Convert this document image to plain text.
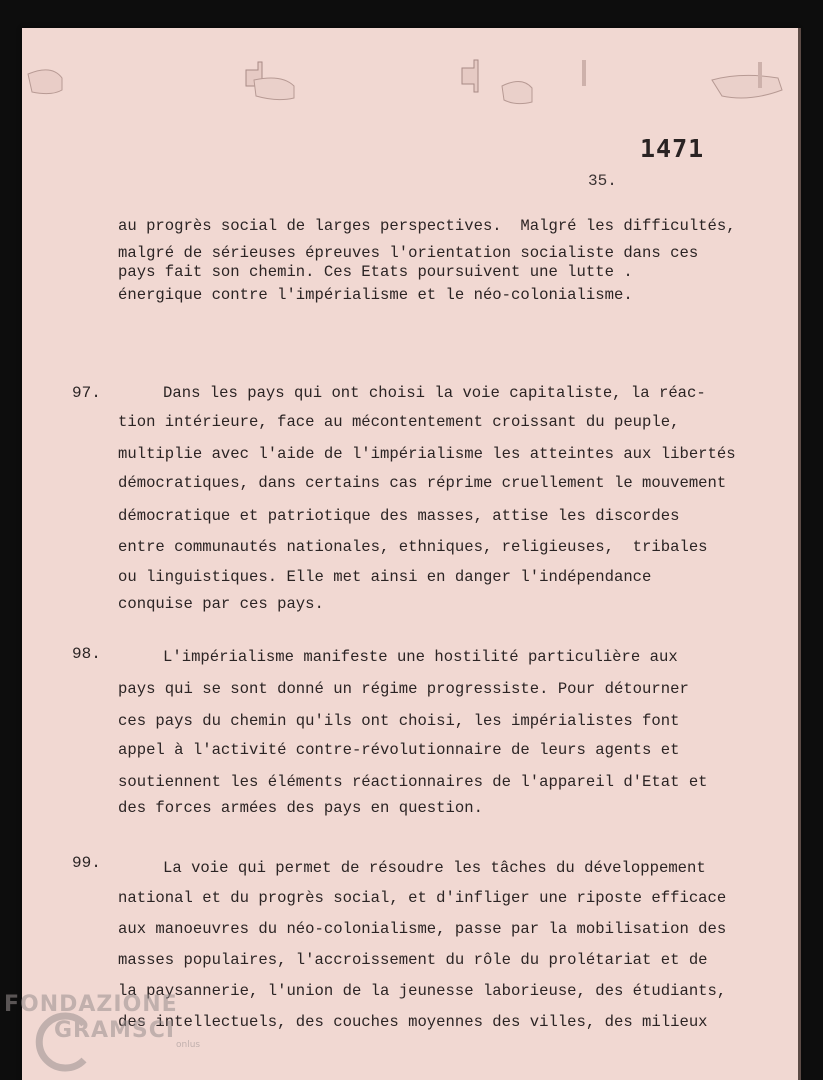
1471
35.
au progrès social de larges perspectives.  Malgré les difficultés,
malgré de sérieuses épreuves l'orientation socialiste dans ces
pays fait son chemin. Ces Etats poursuivent une lutte .
énergique contre l'impérialisme et le néo-colonialisme.
97.	Dans les pays qui ont choisi la voie capitaliste, la réac-
tion intérieure, face au mécontentement croissant du peuple,
multiplie avec l'aide de l'impérialisme les atteintes aux libertés
démocratiques, dans certains cas réprime cruellement le mouvement
démocratique et patriotique des masses, attise les discordes
entre communautés nationales, ethniques, religieuses,  tribales
ou linguistiques. Elle met ainsi en danger l'indépendance
conquise par ces pays.
98.	L'impérialisme manifeste une hostilité particulière aux
pays qui se sont donné un régime progressiste. Pour détourner
ces pays du chemin qu'ils ont choisi, les impérialistes font
appel à l'activité contre-révolutionnaire de leurs agents et
soutiennent les éléments réactionnaires de l'appareil d'Etat et
des forces armées des pays en question.
99.	La voie qui permet de résoudre les tâches du développement
national et du progrès social, et d'infliger une riposte efficace
aux manoeuvres du néo-colonialisme, passe par la mobilisation des
masses populaires, l'accroissement du rôle du prolétariat et de
la paysannerie, l'union de la jeunesse laborieuse, des étudiants,
des intellectuels, des couches moyennes des villes, des milieux
FONDAZIONE
GRAMSCI
onlus
